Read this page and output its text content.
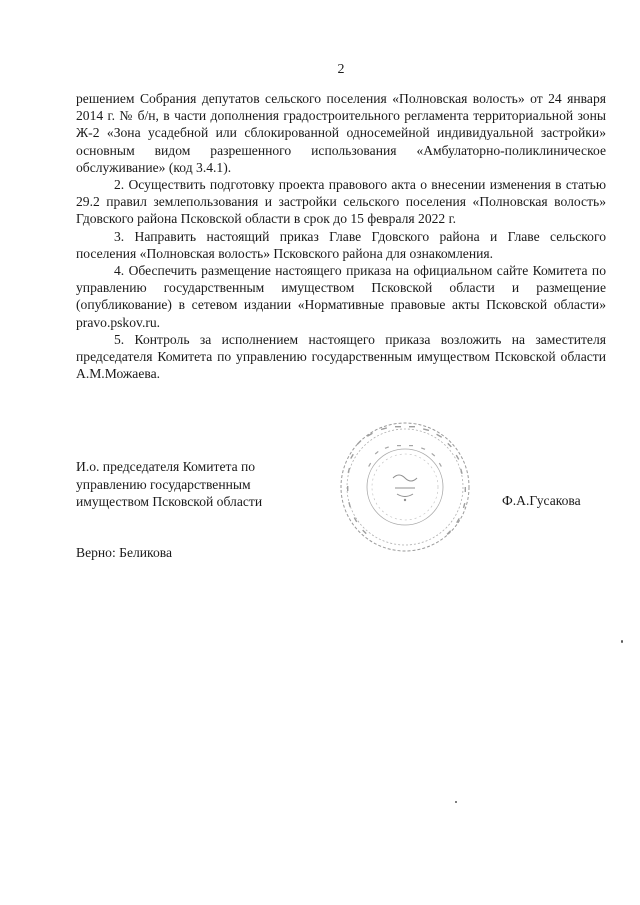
2

решением Собрания депутатов сельского поселения «Полновская волость» от 24 января 2014 г. № б/н, в части дополнения градостроительного регламента территориальной зоны Ж-2 «Зона усадебной или сблокированной односемейной индивидуальной застройки» основным видом разрешенного использования «Амбулаторно-поликлиническое обслуживание» (код 3.4.1).

2. Осуществить подготовку проекта правового акта о внесении изменения в статью 29.2 правил землепользования и застройки сельского поселения «Полновская волость» Гдовского района Псковской области в срок до 15 февраля 2022 г.

3. Направить настоящий приказ Главе Гдовского района и Главе сельского поселения «Полновская волость» Псковского района для ознакомления.

4. Обеспечить размещение настоящего приказа на официальном сайте Комитета по управлению государственным имуществом Псковской области и размещение (опубликование) в сетевом издании «Нормативные правовые акты Псковской области» pravo.pskov.ru.

5. Контроль за исполнением настоящего приказа возложить на заместителя председателя Комитета по управлению государственным имуществом Псковской области А.М.Можаева.

И.о. председателя Комитета по
управлению государственным
имуществом Псковской области	Ф.А.Гусакова
Верно: Беликова
